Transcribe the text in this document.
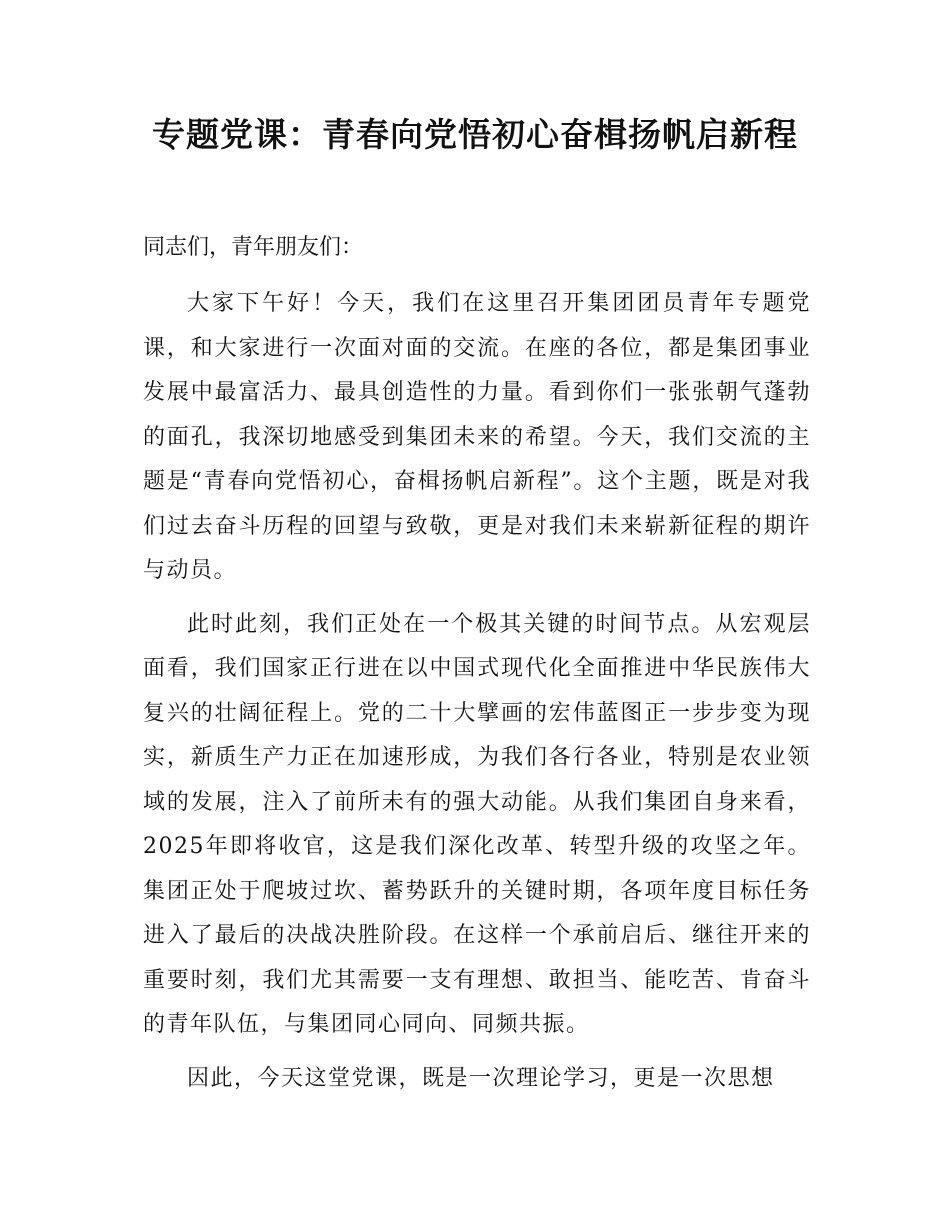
专题党课：青春向党悟初心奋楫扬帆启新程

同志们，青年朋友们：

大家下午好！今天，我们在这里召开集团团员青年专题党课，和大家进行一次面对面的交流。在座的各位，都是集团事业发展中最富活力、最具创造性的力量。看到你们一张张朝气蓬勃的面孔，我深切地感受到集团未来的希望。今天，我们交流的主题是“青春向党悟初心，奋楫扬帆启新程”。这个主题，既是对我们过去奋斗历程的回望与致敬，更是对我们未来崭新征程的期许与动员。

此时此刻，我们正处在一个极其关键的时间节点。从宏观层面看，我们国家正行进在以中国式现代化全面推进中华民族伟大复兴的壮阔征程上。党的二十大擘画的宏伟蓝图正一步步变为现实，新质生产力正在加速形成，为我们各行各业，特别是农业领域的发展，注入了前所未有的强大动能。从我们集团自身来看，2025年即将收官，这是我们深化改革、转型升级的攻坚之年。集团正处于爬坡过坎、蓄势跃升的关键时期，各项年度目标任务进入了最后的决战决胜阶段。在这样一个承前启后、继往开来的重要时刻，我们尤其需要一支有理想、敢担当、能吃苦、肯奋斗的青年队伍，与集团同心同向、同频共振。

因此，今天这堂党课，既是一次理论学习，更是一次思想
